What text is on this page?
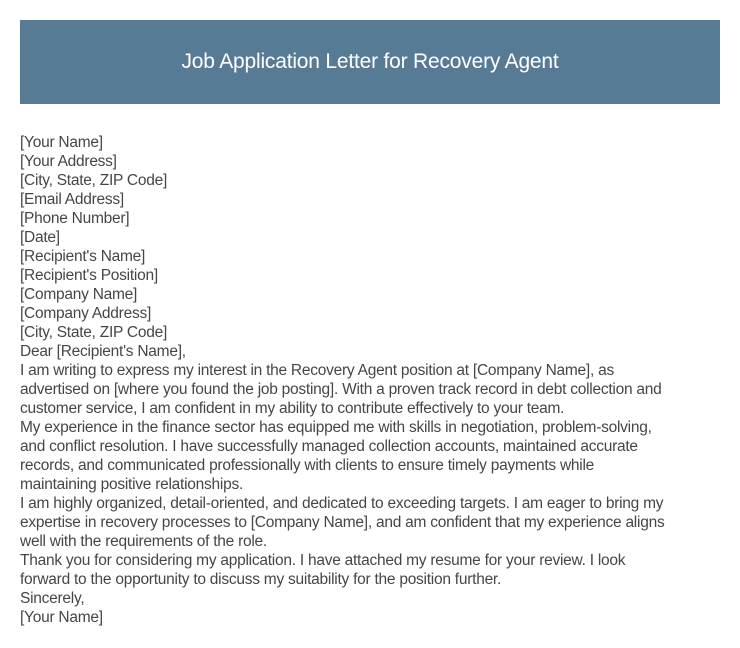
Job Application Letter for Recovery Agent
[Your Name]
[Your Address]
[City, State, ZIP Code]
[Email Address]
[Phone Number]
[Date]
[Recipient's Name]
[Recipient's Position]
[Company Name]
[Company Address]
[City, State, ZIP Code]
Dear [Recipient's Name],
I am writing to express my interest in the Recovery Agent position at [Company Name], as
advertised on [where you found the job posting]. With a proven track record in debt collection and
customer service, I am confident in my ability to contribute effectively to your team.
My experience in the finance sector has equipped me with skills in negotiation, problem-solving,
and conflict resolution. I have successfully managed collection accounts, maintained accurate
records, and communicated professionally with clients to ensure timely payments while
maintaining positive relationships.
I am highly organized, detail-oriented, and dedicated to exceeding targets. I am eager to bring my
expertise in recovery processes to [Company Name], and am confident that my experience aligns
well with the requirements of the role.
Thank you for considering my application. I have attached my resume for your review. I look
forward to the opportunity to discuss my suitability for the position further.
Sincerely,
[Your Name]
